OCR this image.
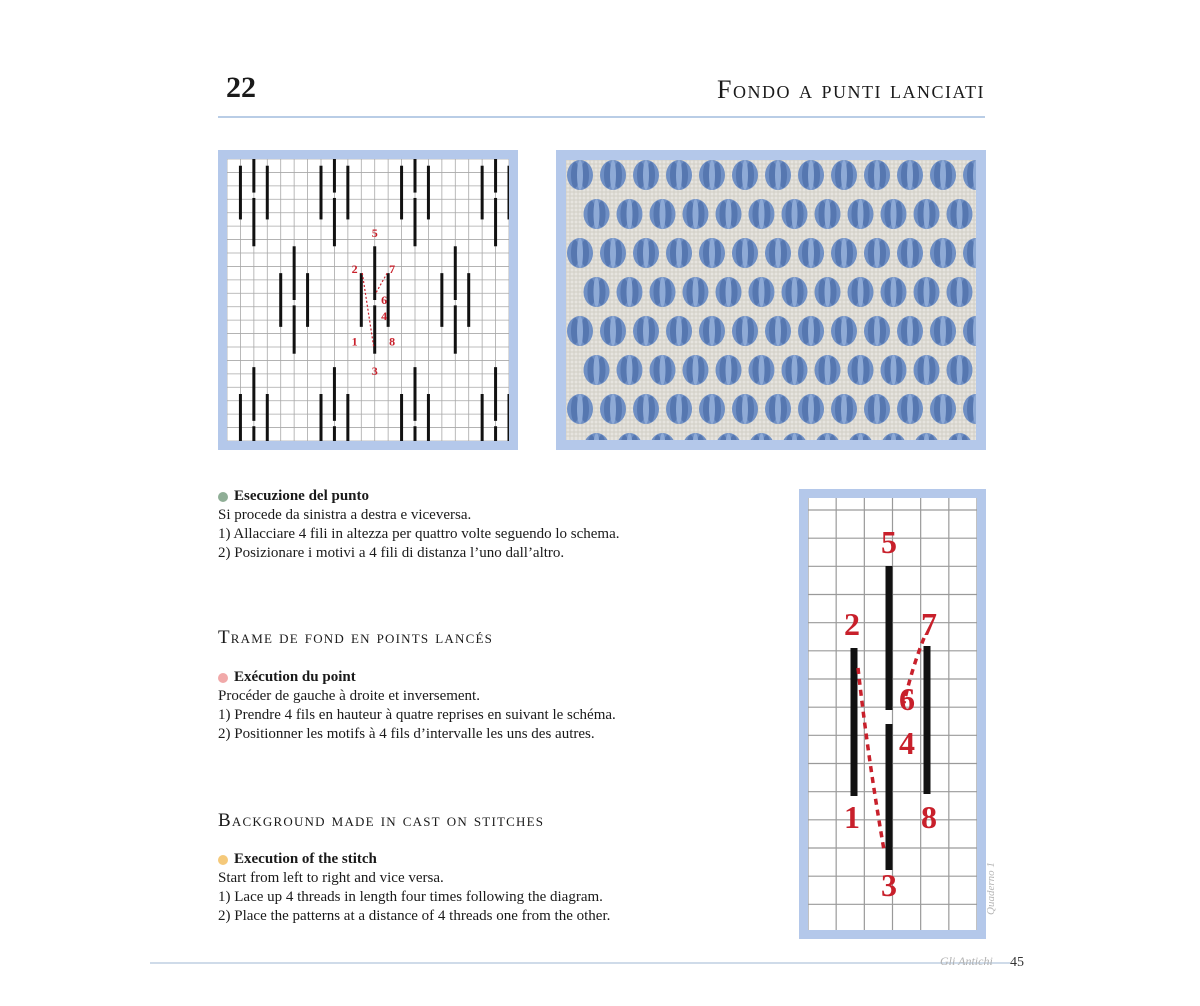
22	Fondo a punti lanciati
5
2	7
6
4
1	8
3
5
2 7
6
4
1 8
3
Esecuzione del punto
Si procede da sinistra a destra e viceversa.
1) Allacciare 4 fili in altezza per quattro volte seguendo lo schema.
2) Posizionare i motivi a 4 fili di distanza l’uno dall’altro.
Trame de fond en points lancés
Exécution du point
Procéder de gauche à droite et inversement.
1) Prendre 4 fils en hauteur à quatre reprises en suivant le schéma.
2) Positionner les motifs à 4 fils d’intervalle les uns des autres.
Background made in cast on stitches
Execution of the stitch
Start from left to right and vice versa.
1) Lace up 4 threads in length four times following the diagram.
2) Place the patterns at a distance of 4 threads one from the other.
Gli Antichi 45
Quaderno 1
